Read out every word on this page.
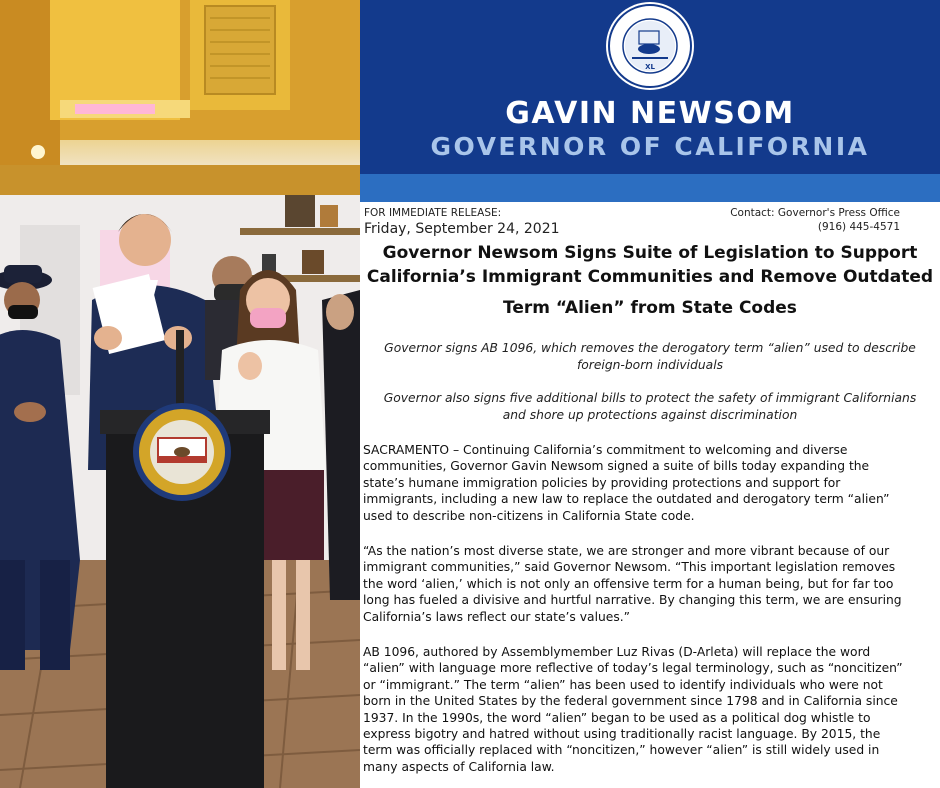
XL
GAVIN NEWSOM
GOVERNOR OF CALIFORNIA
FOR IMMEDIATE RELEASE:
Friday, September 24, 2021
Contact: Governor's Press Office
(916) 445-4571
Governor Newsom Signs Suite of Legislation to Support
California’s Immigrant Communities and Remove Outdated
Term “Alien” from State Codes
Governor signs AB 1096, which removes the derogatory term “alien” used to describe
foreign-born individuals
Governor also signs five additional bills to protect the safety of immigrant Californians
and shore up protections against discrimination
SACRAMENTO – Continuing California’s commitment to welcoming and diverse
communities, Governor Gavin Newsom signed a suite of bills today expanding the
state’s humane immigration policies by providing protections and support for
immigrants, including a new law to replace the outdated and derogatory term “alien”
used to describe non-citizens in California State code.
“As the nation’s most diverse state, we are stronger and more vibrant because of our
immigrant communities,” said Governor Newsom. “This important legislation removes
the word ‘alien,’ which is not only an offensive term for a human being, but for far too
long has fueled a divisive and hurtful narrative. By changing this term, we are ensuring
California’s laws reflect our state’s values.”
AB 1096, authored by Assemblymember Luz Rivas (D-Arleta) will replace the word
“alien” with language more reflective of today’s legal terminology, such as “noncitizen”
or “immigrant.” The term “alien” has been used to identify individuals who were not
born in the United States by the federal government since 1798 and in California since
1937. In the 1990s, the word “alien” began to be used as a political dog whistle to
express bigotry and hatred without using traditionally racist language. By 2015, the
term was officially replaced with “noncitizen,” however “alien” is still widely used in
many aspects of California law.
